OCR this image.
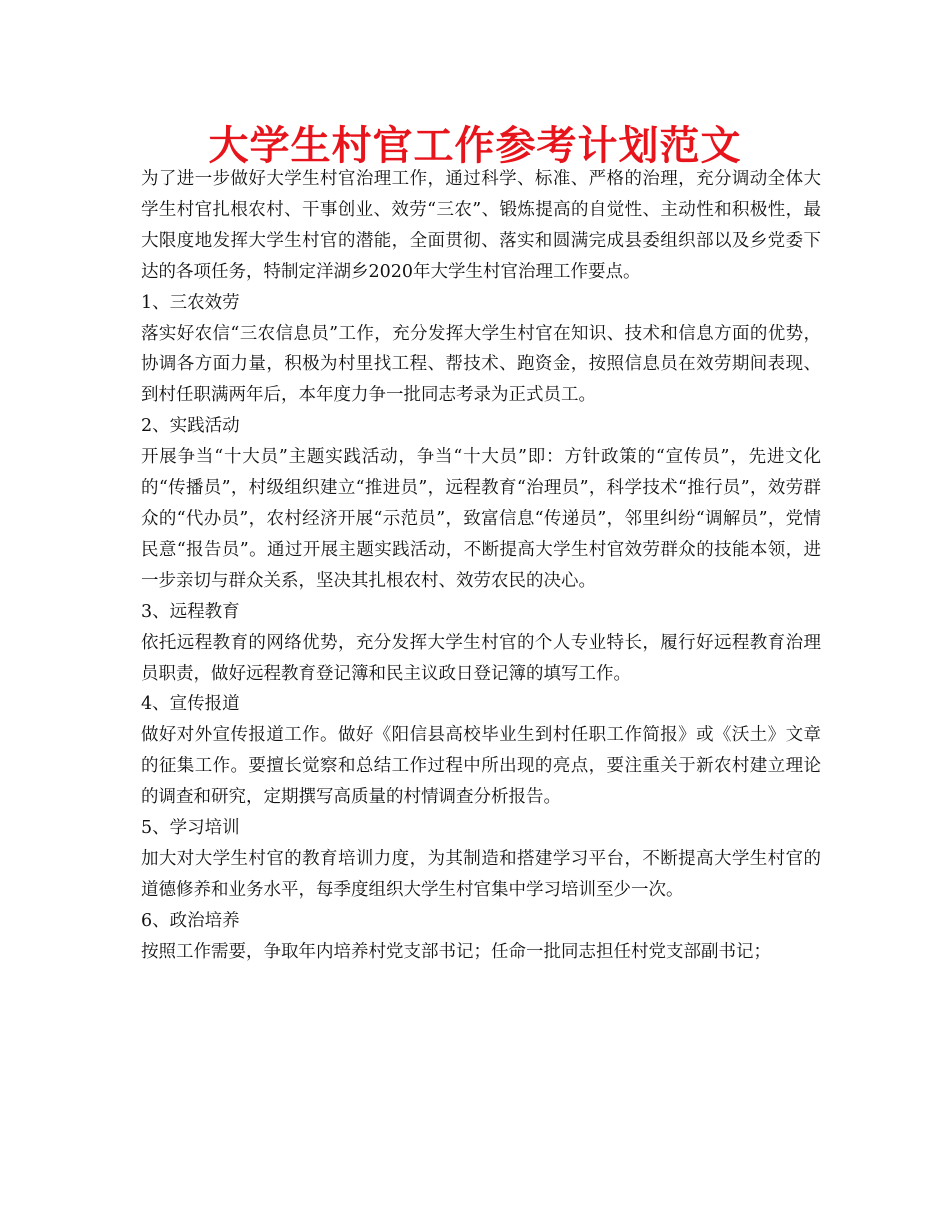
大学生村官工作参考计划范文

为了进一步做好大学生村官治理工作，通过科学、标准、严格的治理，充分调动全体大学生村官扎根农村、干事创业、效劳“三农”、锻炼提高的自觉性、主动性和积极性，最大限度地发挥大学生村官的潜能，全面贯彻、落实和圆满完成县委组织部以及乡党委下达的各项任务，特制定洋湖乡2020年大学生村官治理工作要点。

1、三农效劳

落实好农信“三农信息员”工作，充分发挥大学生村官在知识、技术和信息方面的优势，协调各方面力量，积极为村里找工程、帮技术、跑资金，按照信息员在效劳期间表现、到村任职满两年后，本年度力争一批同志考录为正式员工。

2、实践活动

开展争当“十大员”主题实践活动，争当“十大员”即：方针政策的“宣传员”，先进文化的“传播员”，村级组织建立“推进员”，远程教育“治理员”，科学技术“推行员”，效劳群众的“代办员”，农村经济开展“示范员”，致富信息“传递员”，邻里纠纷“调解员”，党情民意“报告员”。通过开展主题实践活动，不断提高大学生村官效劳群众的技能本领，进一步亲切与群众关系，坚决其扎根农村、效劳农民的决心。

3、远程教育

依托远程教育的网络优势，充分发挥大学生村官的个人专业特长，履行好远程教育治理员职责，做好远程教育登记簿和民主议政日登记簿的填写工作。

4、宣传报道

做好对外宣传报道工作。做好《阳信县高校毕业生到村任职工作简报》或《沃土》文章的征集工作。要擅长觉察和总结工作过程中所出现的亮点，要注重关于新农村建立理论的调查和研究，定期撰写高质量的村情调查分析报告。

5、学习培训

加大对大学生村官的教育培训力度，为其制造和搭建学习平台，不断提高大学生村官的道德修养和业务水平，每季度组织大学生村官集中学习培训至少一次。

6、政治培养

按照工作需要，争取年内培养村党支部书记；任命一批同志担任村党支部副书记；
